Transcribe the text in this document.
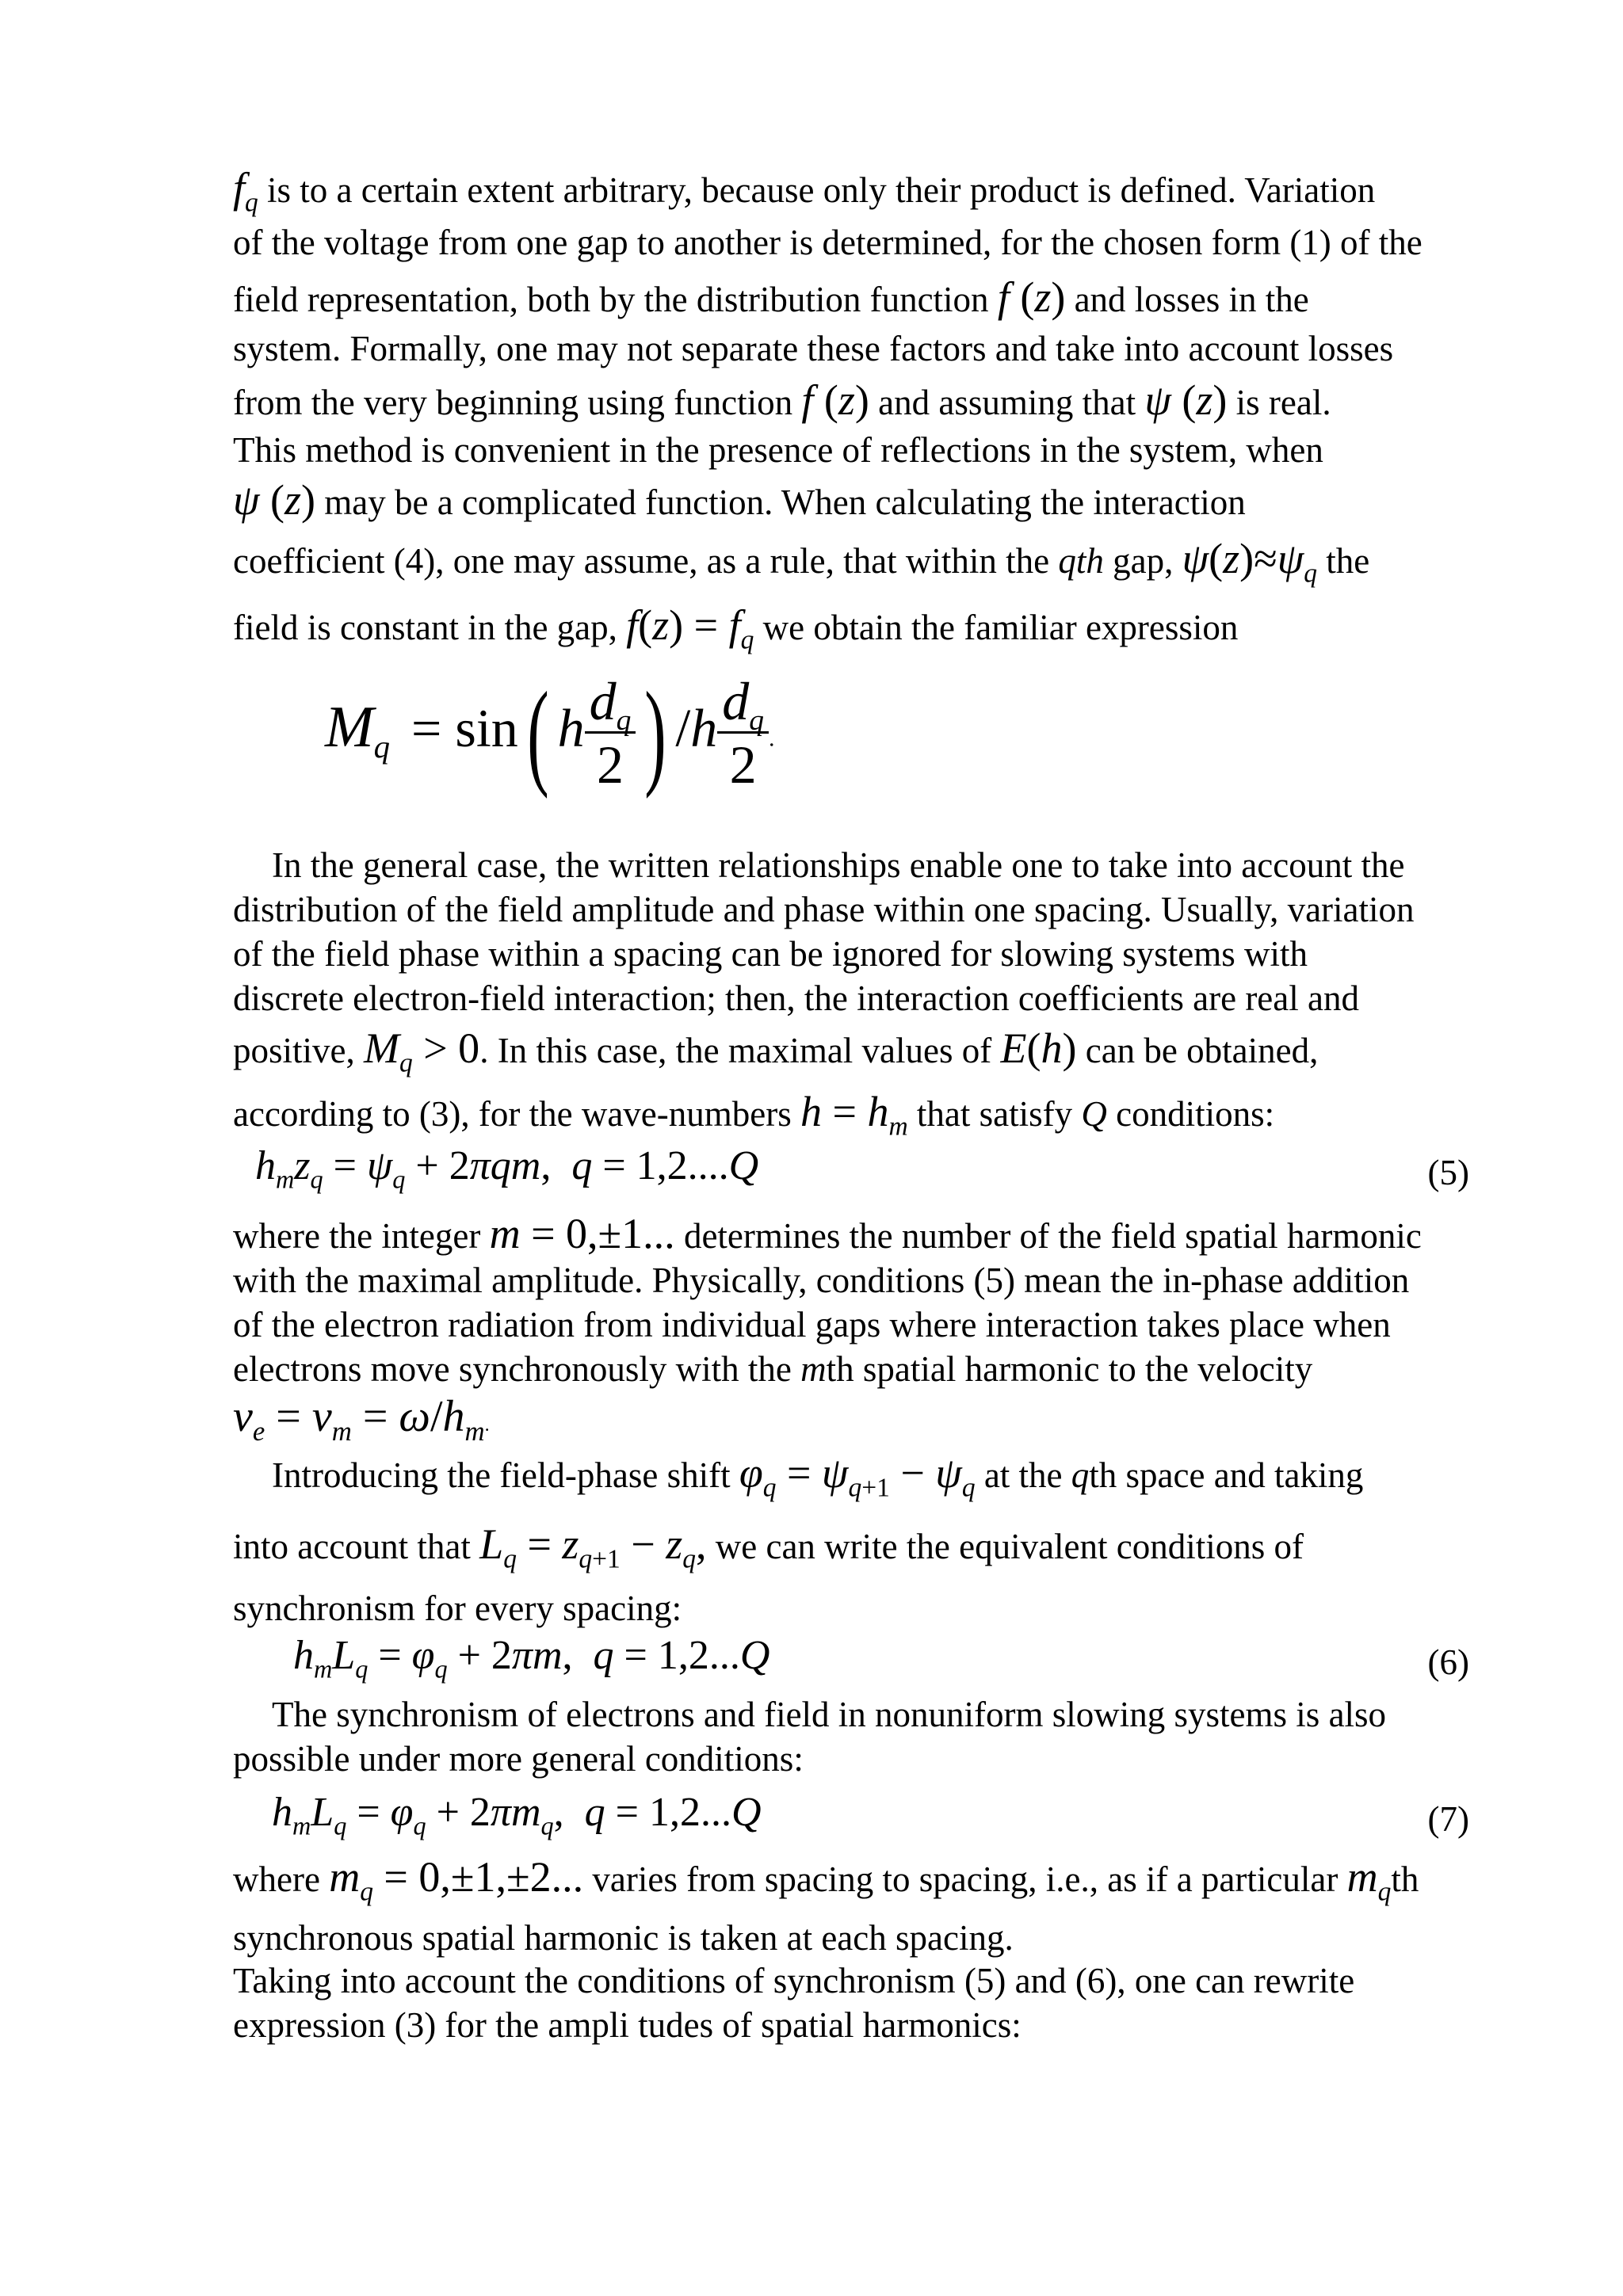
$f_q$ is to a certain extent arbitrary, because only their product is defined. Variation
of the voltage from one gap to another is determined, for the chosen form (1) of the
field representation, both by the distribution function f (z) and losses in the
system. Formally, one may not separate these factors and take into account losses
from the very beginning using function f (z) and assuming that ψ (z) is real.
This method is convenient in the presence of reflections in the system, when
ψ (z) may be a complicated function. When calculating the interaction
coefficient (4), one may assume, as a rule, that within the qth gap, $\psi(z)\approx\psi_q$ the
field is constant in the gap, $f(z) = f_q$ we obtain the familiar expression
$M_q = \sin$( h $\frac{d_q}{2}$ ) $/h \frac{d_q}{2}$ .
In the general case, the written relationships enable one to take into account the
distribution of the field amplitude and phase within one spacing. Usually, variation
of the field phase within a spacing can be ignored for slowing systems with
discrete electron-field interaction; then, the interaction coefficients are real and
positive, $M_q > 0$. In this case, the maximal values of E(h) can be obtained,
according to (3), for the wave-numbers $h = h_m$ that satisfy Q conditions:
$h_mz_q = \psi_q + 2\pi qm$,  q = 1,2....Q	(5)
where the integer m = 0,±1... determines the number of the field spatial harmonic
with the maximal amplitude. Physically, conditions (5) mean the in-phase addition
of the electron radiation from individual gaps where interaction takes place when
electrons move synchronously with the mth spatial harmonic to the velocity
$v_e = v_m = \omega/h_m$.
Introducing the field-phase shift $\varphi_q = \psi_{q+1} - \psi_q$ at the qth space and taking
into account that $L_q = z_{q+1} - z_q$, we can write the equivalent conditions of
synchronism for every spacing:
$h_mL_q = \varphi_q + 2\pi m$,  q = 1,2...Q	(6)
The synchronism of electrons and field in nonuniform slowing systems is also
possible under more general conditions:
$h_mL_q = \varphi_q + 2\pi m_q$,  q = 1,2...Q	(7)
where $m_q = 0,\pm 1,\pm 2$... varies from spacing to spacing, i.e., as if a particular $m_qth$
synchronous spatial harmonic is taken at each spacing.
Taking into account the conditions of synchronism (5) and (6), one can rewrite
expression (3) for the ampli tudes of spatial harmonics:
